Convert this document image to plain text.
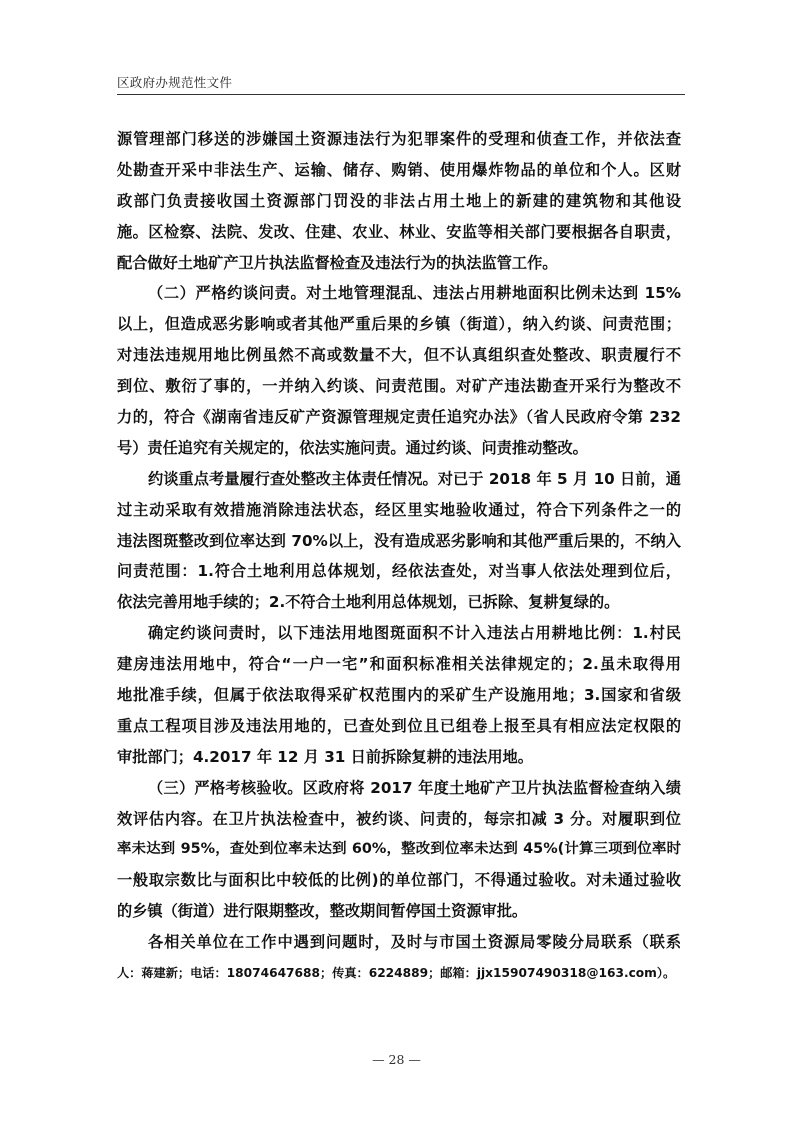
区政府办规范性文件
源管理部门移送的涉嫌国土资源违法行为犯罪案件的受理和侦查工作，并依法查
处勘查开采中非法生产、运输、储存、购销、使用爆炸物品的单位和个人。区财
政部门负责接收国土资源部门罚没的非法占用土地上的新建的建筑物和其他设
施。区检察、法院、发改、住建、农业、林业、安监等相关部门要根据各自职责，
配合做好土地矿产卫片执法监督检查及违法行为的执法监管工作。
（二）严格约谈问责。对土地管理混乱、违法占用耕地面积比例未达到 15%
以上，但造成恶劣影响或者其他严重后果的乡镇（街道），纳入约谈、问责范围；
对违法违规用地比例虽然不高或数量不大，但不认真组织查处整改、职责履行不
到位、敷衍了事的，一并纳入约谈、问责范围。对矿产违法勘查开采行为整改不
力的，符合《湖南省违反矿产资源管理规定责任追究办法》（省人民政府令第 232
号）责任追究有关规定的，依法实施问责。通过约谈、问责推动整改。
约谈重点考量履行查处整改主体责任情况。对已于 2018 年 5 月 10 日前，通
过主动采取有效措施消除违法状态，经区里实地验收通过，符合下列条件之一的
违法图斑整改到位率达到 70%以上，没有造成恶劣影响和其他严重后果的，不纳入
问责范围：1.符合土地利用总体规划，经依法查处，对当事人依法处理到位后，
依法完善用地手续的；2.不符合土地利用总体规划，已拆除、复耕复绿的。
确定约谈问责时，以下违法用地图斑面积不计入违法占用耕地比例：1.村民
建房违法用地中，符合“一户一宅”和面积标准相关法律规定的；2.虽未取得用
地批准手续，但属于依法取得采矿权范围内的采矿生产设施用地；3.国家和省级
重点工程项目涉及违法用地的，已查处到位且已组卷上报至具有相应法定权限的
审批部门；4.2017 年 12 月 31 日前拆除复耕的违法用地。
（三）严格考核验收。区政府将 2017 年度土地矿产卫片执法监督检查纳入绩
效评估内容。在卫片执法检查中，被约谈、问责的，每宗扣减 3 分。对履职到位
率未达到 95%，查处到位率未达到 60%，整改到位率未达到 45%(计算三项到位率时
一般取宗数比与面积比中较低的比例)的单位部门，不得通过验收。对未通过验收
的乡镇（街道）进行限期整改，整改期间暂停国土资源审批。
各相关单位在工作中遇到问题时，及时与市国土资源局零陵分局联系（联系
人：蒋建新；电话：18074647688；传真：6224889；邮箱：jjx15907490318@163.com）。
— 28 —
